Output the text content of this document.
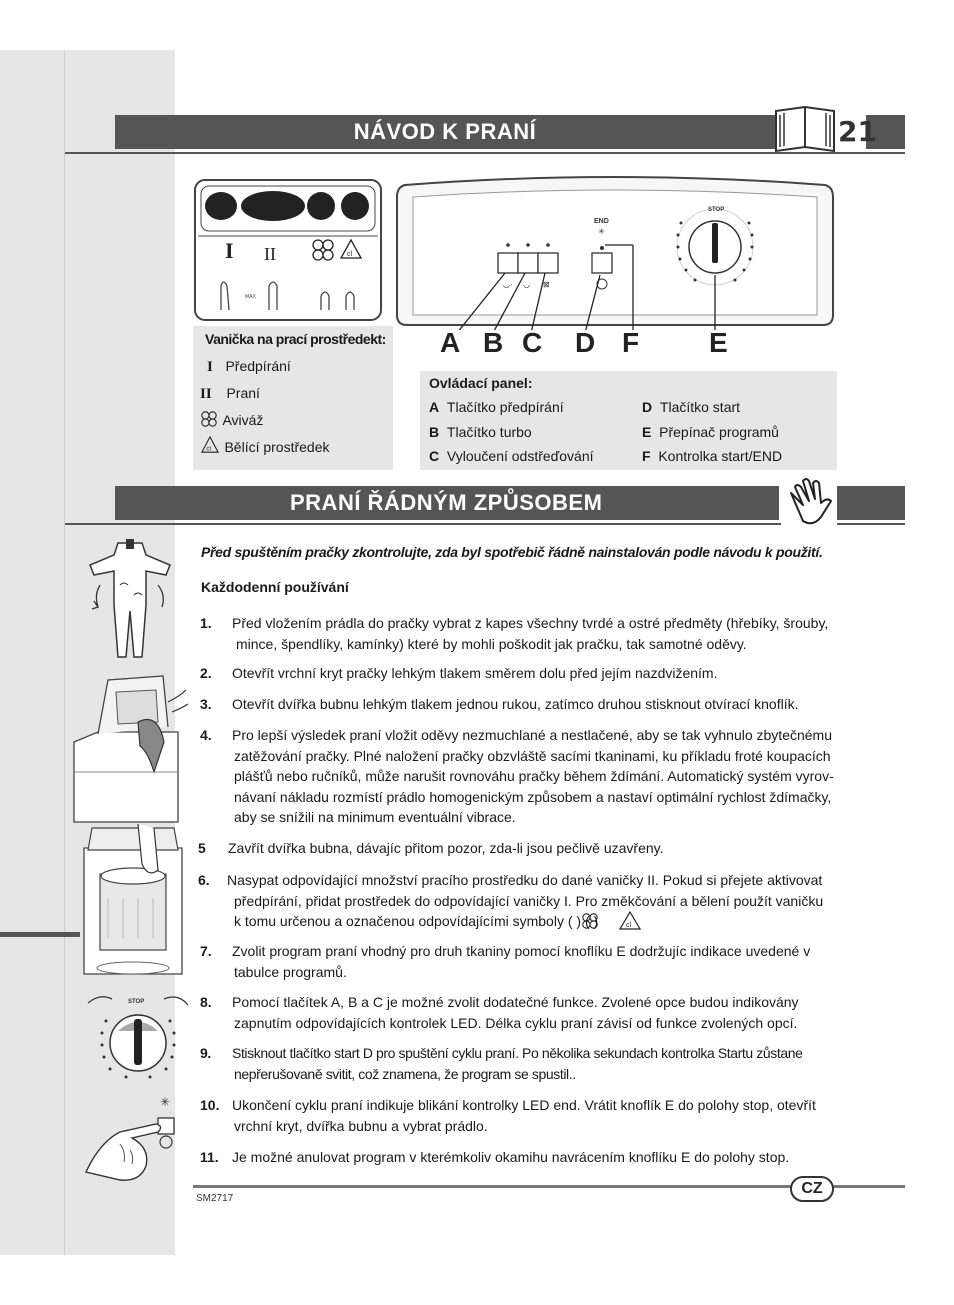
NÁVOD K PRANÍ	21
I II	cl
MAX
Vanička na prací prostředekt:
I Předpírání
II Praní
Aviváž
cl Bělící prostředek
◡· ◡ ⊠
END
✳
STOP
A B C D F E
Ovládací panel:
A Tlačítko předpírání
B Tlačítko turbo
C Vyloučení odstřeďování
D Tlačítko start
E Přepínač programů
F Kontrolka start/END
PRANÍ ŘÁDNÝM ZPŮSOBEM
STOP
✳
Před spuštěním pračky zkontrolujte, zda byl spotřebič řádně nainstalován podle návodu k použití.
Každodenní používání
1.	Před vložením prádla do pračky vybrat z kapes všechny tvrdé a ostré předměty (hřebíky, šrouby,
mince, špendlíky, kamínky) které by mohli poškodit jak pračku, tak samotné oděvy.
2.	Otevřít vrchní kryt pračky lehkým tlakem směrem dolu před jejím nazdvižením.
3.	Otevřít dvířka bubnu lehkým tlakem jednou rukou, zatímco druhou stisknout otvírací knoflík.
4.	Pro lepší výsledek praní vložit oděvy nezmuchlané a nestlačené, aby se tak vyhnulo zbytečnému
zatěžování pračky. Plné naložení pračky obzvláště sacími tkaninami, ku příkladu froté koupacích
plášťů nebo ručníků, může narušit rovnováhu pračky během ždímání. Automatický systém vyrov-
návaní nákladu rozmístí prádlo homogenickým způsobem a nastaví optimální rychlost ždímačky,
aby se snížili na minimum eventuální vibrace.
5	Zavřít dvířka bubna, dávajíc přitom pozor, zda-li jsou pečlivě uzavřeny.
6.	Nasypat odpovídající množství pracího prostředku do dané vaničky II. Pokud si přejete aktivovat
předpírání, přidat prostředek do odpovídající vaničky I. Pro změkčování a bělení použít vaničku
k tomu určenou a označenou odpovídajícími symboly ( ) ( )	cl
7.	Zvolit program praní vhodný pro druh tkaniny pomocí knoflíku E dodržujíc indikace uvedené v
tabulce programů.
8.	Pomocí tlačítek A, B a C je možné zvolit dodatečné funkce. Zvolené opce budou indikovány
zapnutím odpovídajících kontrolek LED. Délka cyklu praní závisí od funkce zvolených opcí.
9.	Stisknout tlačítko start D pro spuštění cyklu praní. Po několika sekundach kontrolka Startu zůstane
nepřerušovaně svitit, což znamena, že program se spustil..
10. Ukončení cyklu praní indikuje blikání kontrolky LED end. Vrátit knoflík E do polohy stop, otevřít
vrchní kryt, dvířka bubnu a vybrat prádlo.
11. Je možné anulovat program v kterémkoliv okamihu navrácením knoflíku E do polohy stop.
SM2717
CZ
